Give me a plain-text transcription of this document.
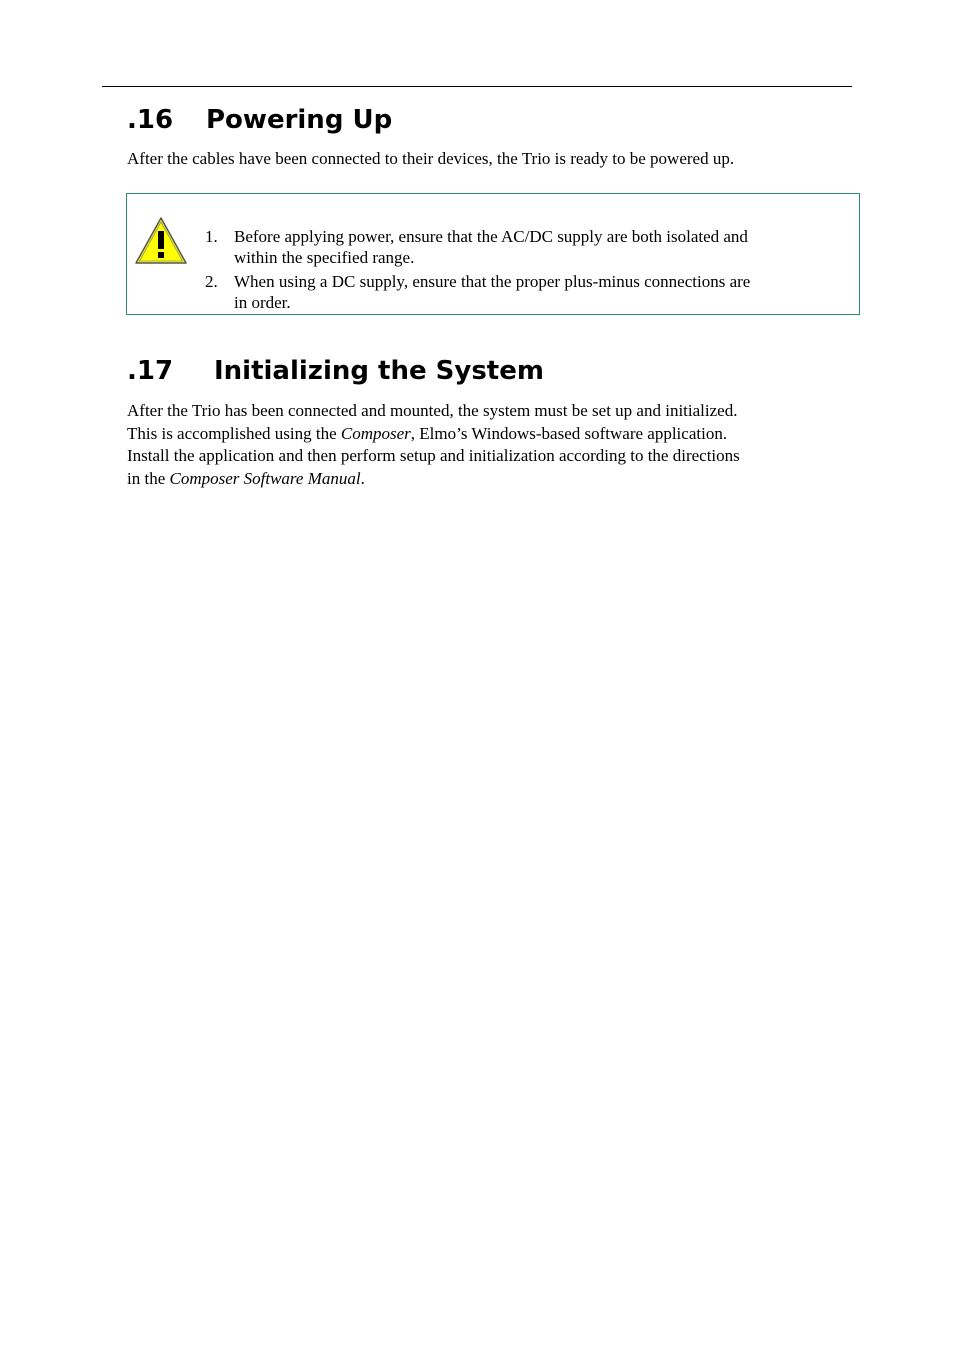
.16 Powering Up

After the cables have been connected to their devices, the Trio is ready to be powered up.

1. Before applying power, ensure that the AC/DC supply are both isolated and
within the specified range.
2. When using a DC supply, ensure that the proper plus-minus connections are
in order.
.17 Initializing the System

After the Trio has been connected and mounted, the system must be set up and initialized.
This is accomplished using the Composer, Elmo’s Windows-based software application.
Install the application and then perform setup and initialization according to the directions
in the Composer Software Manual.
